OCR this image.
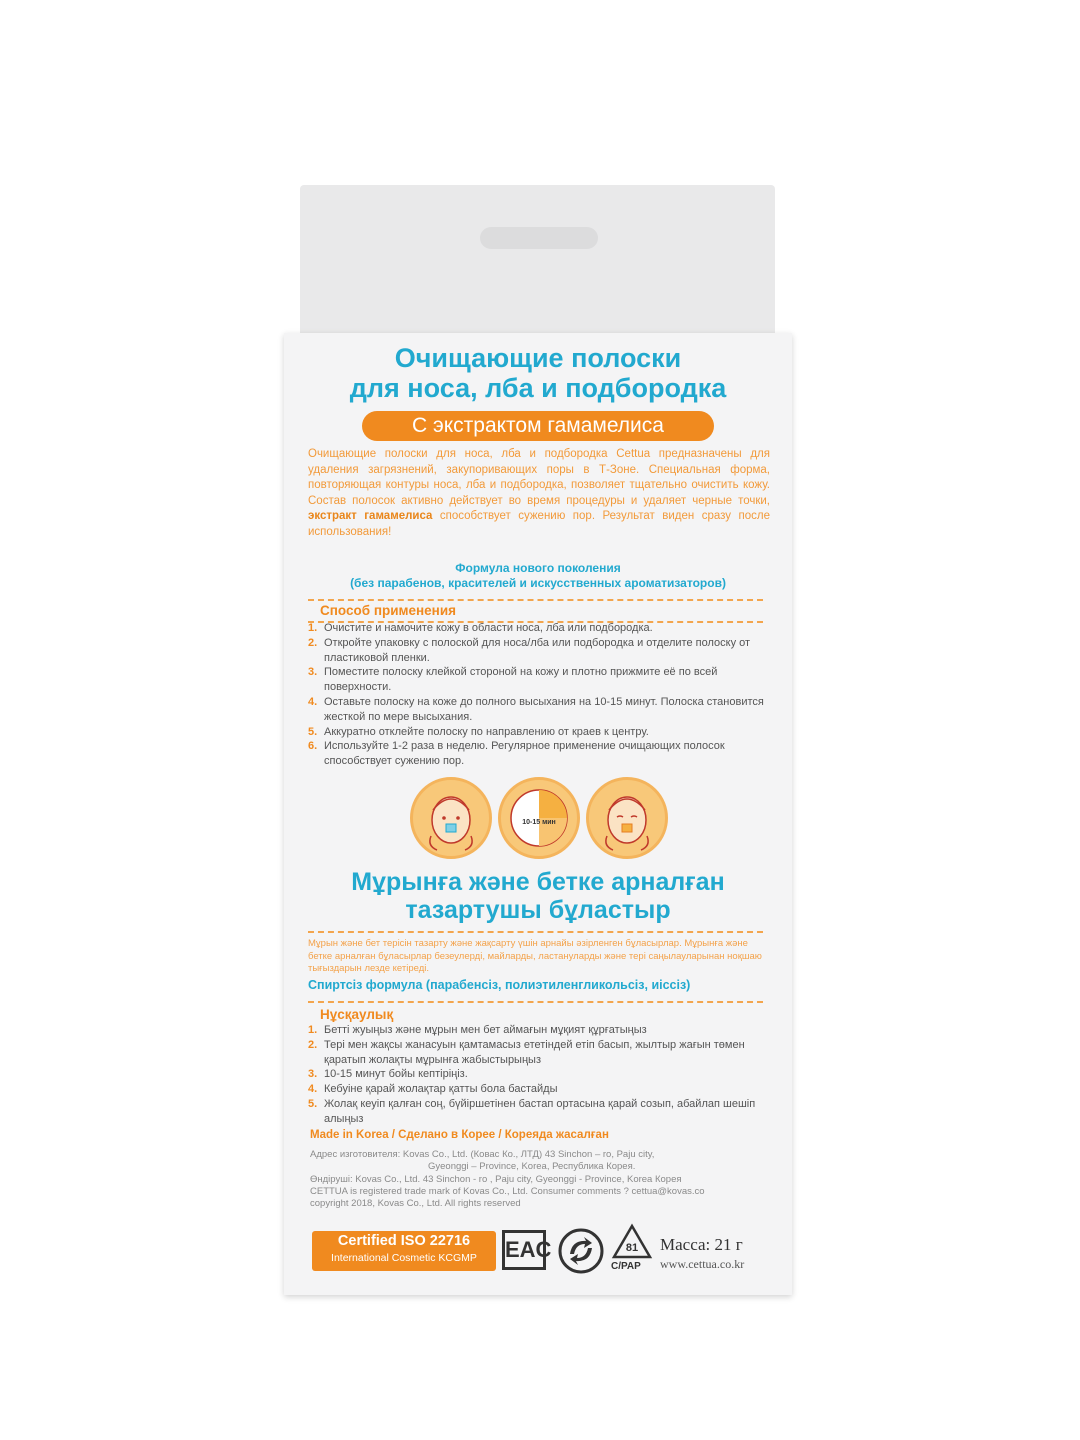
Очищающие полоски
для носа, лба и подбородка
С экстрактом гамамелиса
Очищающие полоски для носа, лба и подбородка Cettua предназначены для удаления загрязнений, закупоривающих поры в Т-Зоне. Специальная форма, повторяющая контуры носа, лба и подбородка, позволяет тщательно очистить кожу. Состав полосок активно действует во время процедуры и удаляет черные точки, экстракт гамамелиса способствует сужению пор. Результат виден сразу после использования!
Формула нового поколения
(без парабенов, красителей и искусственных ароматизаторов)
Способ применения
1. Очистите и намочите кожу в области носа, лба или подбородка.
2. Откройте упаковку с полоской для носа/лба или подбородка и отделите полоску от пластиковой пленки.
3. Поместите полоску клейкой стороной на кожу и плотно прижмите её по всей поверхности.
4. Оставьте полоску на коже до полного высыхания на 10-15 минут. Полоска становится жесткой по мере высыхания.
5. Аккуратно отклейте полоску по направлению от краев к центру.
6. Используйте 1-2 раза в неделю. Регулярное применение очищающих полосок способствует сужению пор.
10-15 мин
Мұрынға және бетке арналған
тазартушы бұластыр
Мұрын және бет терісін тазарту және жақсарту үшін арнайы әзірленген бұласырлар. Мұрынға және бетке арналған бұласырлар безеулерді, майларды, ластануларды және тері саңылауларынан ноқшаю тығыздарын лезде кетіреді.
Спиртсіз формула (парабенсіз, полиэтиленгликольсіз, иіссіз)
Нұсқаулық
1. Бетті жуыңыз және мұрын мен бет аймағын мұқият құрғатыңыз
2. Тері мен жақсы жанасуын қамтамасыз ететіндей етіп басып, жылтыр жағын төмен қаратып жолақты мұрынға жабыстырыңыз
3. 10-15 минут бойы кептіріңіз.
4. Кебуіне қарай жолақтар қатты бола бастайды
5. Жолақ кеуіп қалған соң, бүйіршетінен бастап ортасына қарай созып, абайлап шешіп алыңыз
Made in Korea / Сделано в Корее / Кореяда жасалған
Адрес изготовителя: Kovas Co., Ltd. (Ковас Ко., ЛТД) 43 Sinchon – ro, Paju city,
Gyeonggi – Province, Korea, Республика Корея.
Өндіруші: Kovas Co., Ltd. 43 Sinchon - ro , Paju city, Gyeonggi - Province, Korea Корея
CETTUA is registered trade mark of Kovas Co., Ltd. Consumer comments ? cettua@kovas.co
copyright 2018, Kovas Co., Ltd. All rights reserved
Certified ISO 22716
International Cosmetic KCGMP	EAC	81
C/PAP
Масса: 21 г
www.cettua.co.kr
